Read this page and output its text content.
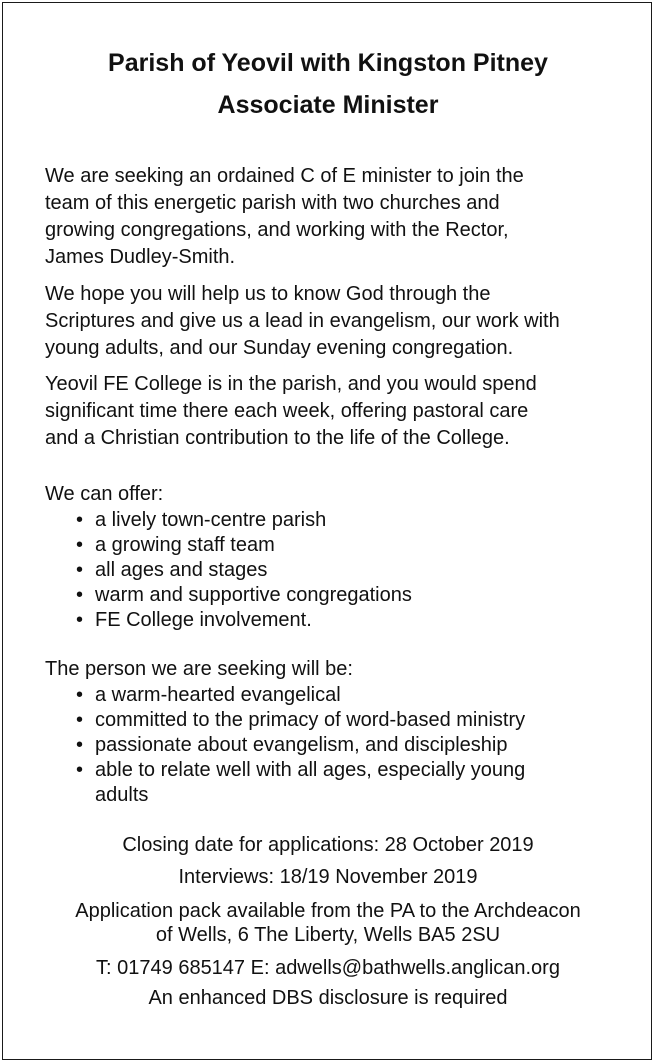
Parish of Yeovil with Kingston Pitney
Associate Minister
We are seeking an ordained C of E minister to join the
team of this energetic parish with two churches and
growing congregations, and working with the Rector,
James Dudley-Smith.
We hope you will help us to know God through the
Scriptures and give us a lead in evangelism, our work with
young adults, and our Sunday evening congregation.
Yeovil FE College is in the parish, and you would spend
significant time there each week, offering pastoral care
and a Christian contribution to the life of the College.
We can offer:
• a lively town-centre parish
• a growing staff team
• all ages and stages
• warm and supportive congregations
• FE College involvement.
The person we are seeking will be:
• a warm-hearted evangelical
• committed to the primacy of word-based ministry
• passionate about evangelism, and discipleship
• able to relate well with all ages, especially young
adults
Closing date for applications: 28 October 2019
Interviews: 18/19 November 2019
Application pack available from the PA to the Archdeacon
of Wells, 6 The Liberty, Wells BA5 2SU
T: 01749 685147 E: adwells@bathwells.anglican.org
An enhanced DBS disclosure is required
